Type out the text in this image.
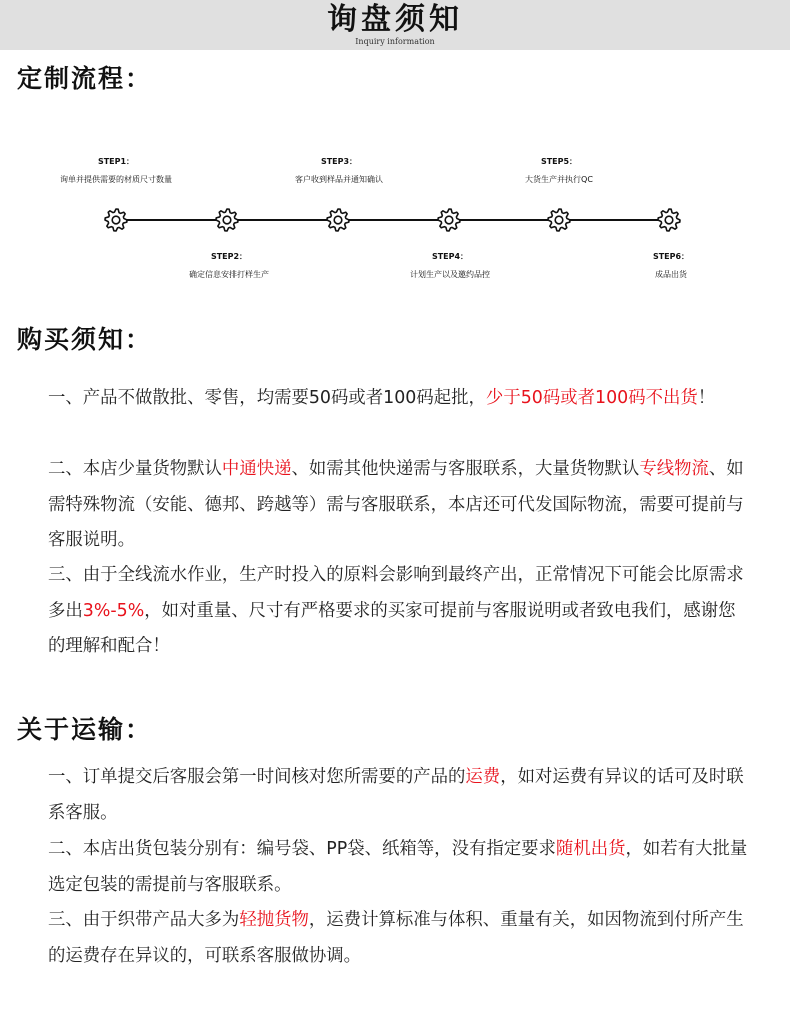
询盘须知
Inquiry information
定制流程：
STEP1：
询单并提供需要的材质尺寸数量
STEP3：
客户收到样品并通知确认
STEP5：
大货生产并执行QC
STEP2：
确定信息安排打样生产
STEP4：
计划生产以及邀约品控
STEP6：
成品出货
购买须知：
一、产品不做散批、零售，均需要50码或者100码起批，少于50码或者100码不出货！
二、本店少量货物默认中通快递、如需其他快递需与客服联系，大量货物默认专线物流、如需特殊物流（安能、德邦、跨越等）需与客服联系，本店还可代发国际物流，需要可提前与客服说明。
三、由于全线流水作业，生产时投入的原料会影响到最终产出，正常情况下可能会比原需求多出3%-5%，如对重量、尺寸有严格要求的买家可提前与客服说明或者致电我们，感谢您的理解和配合！
关于运输：
一、订单提交后客服会第一时间核对您所需要的产品的运费，如对运费有异议的话可及时联系客服。
二、本店出货包装分别有：编号袋、PP袋、纸箱等，没有指定要求随机出货，如若有大批量选定包装的需提前与客服联系。
三、由于织带产品大多为轻抛货物，运费计算标准与体积、重量有关，如因物流到付所产生的运费存在异议的，可联系客服做协调。
